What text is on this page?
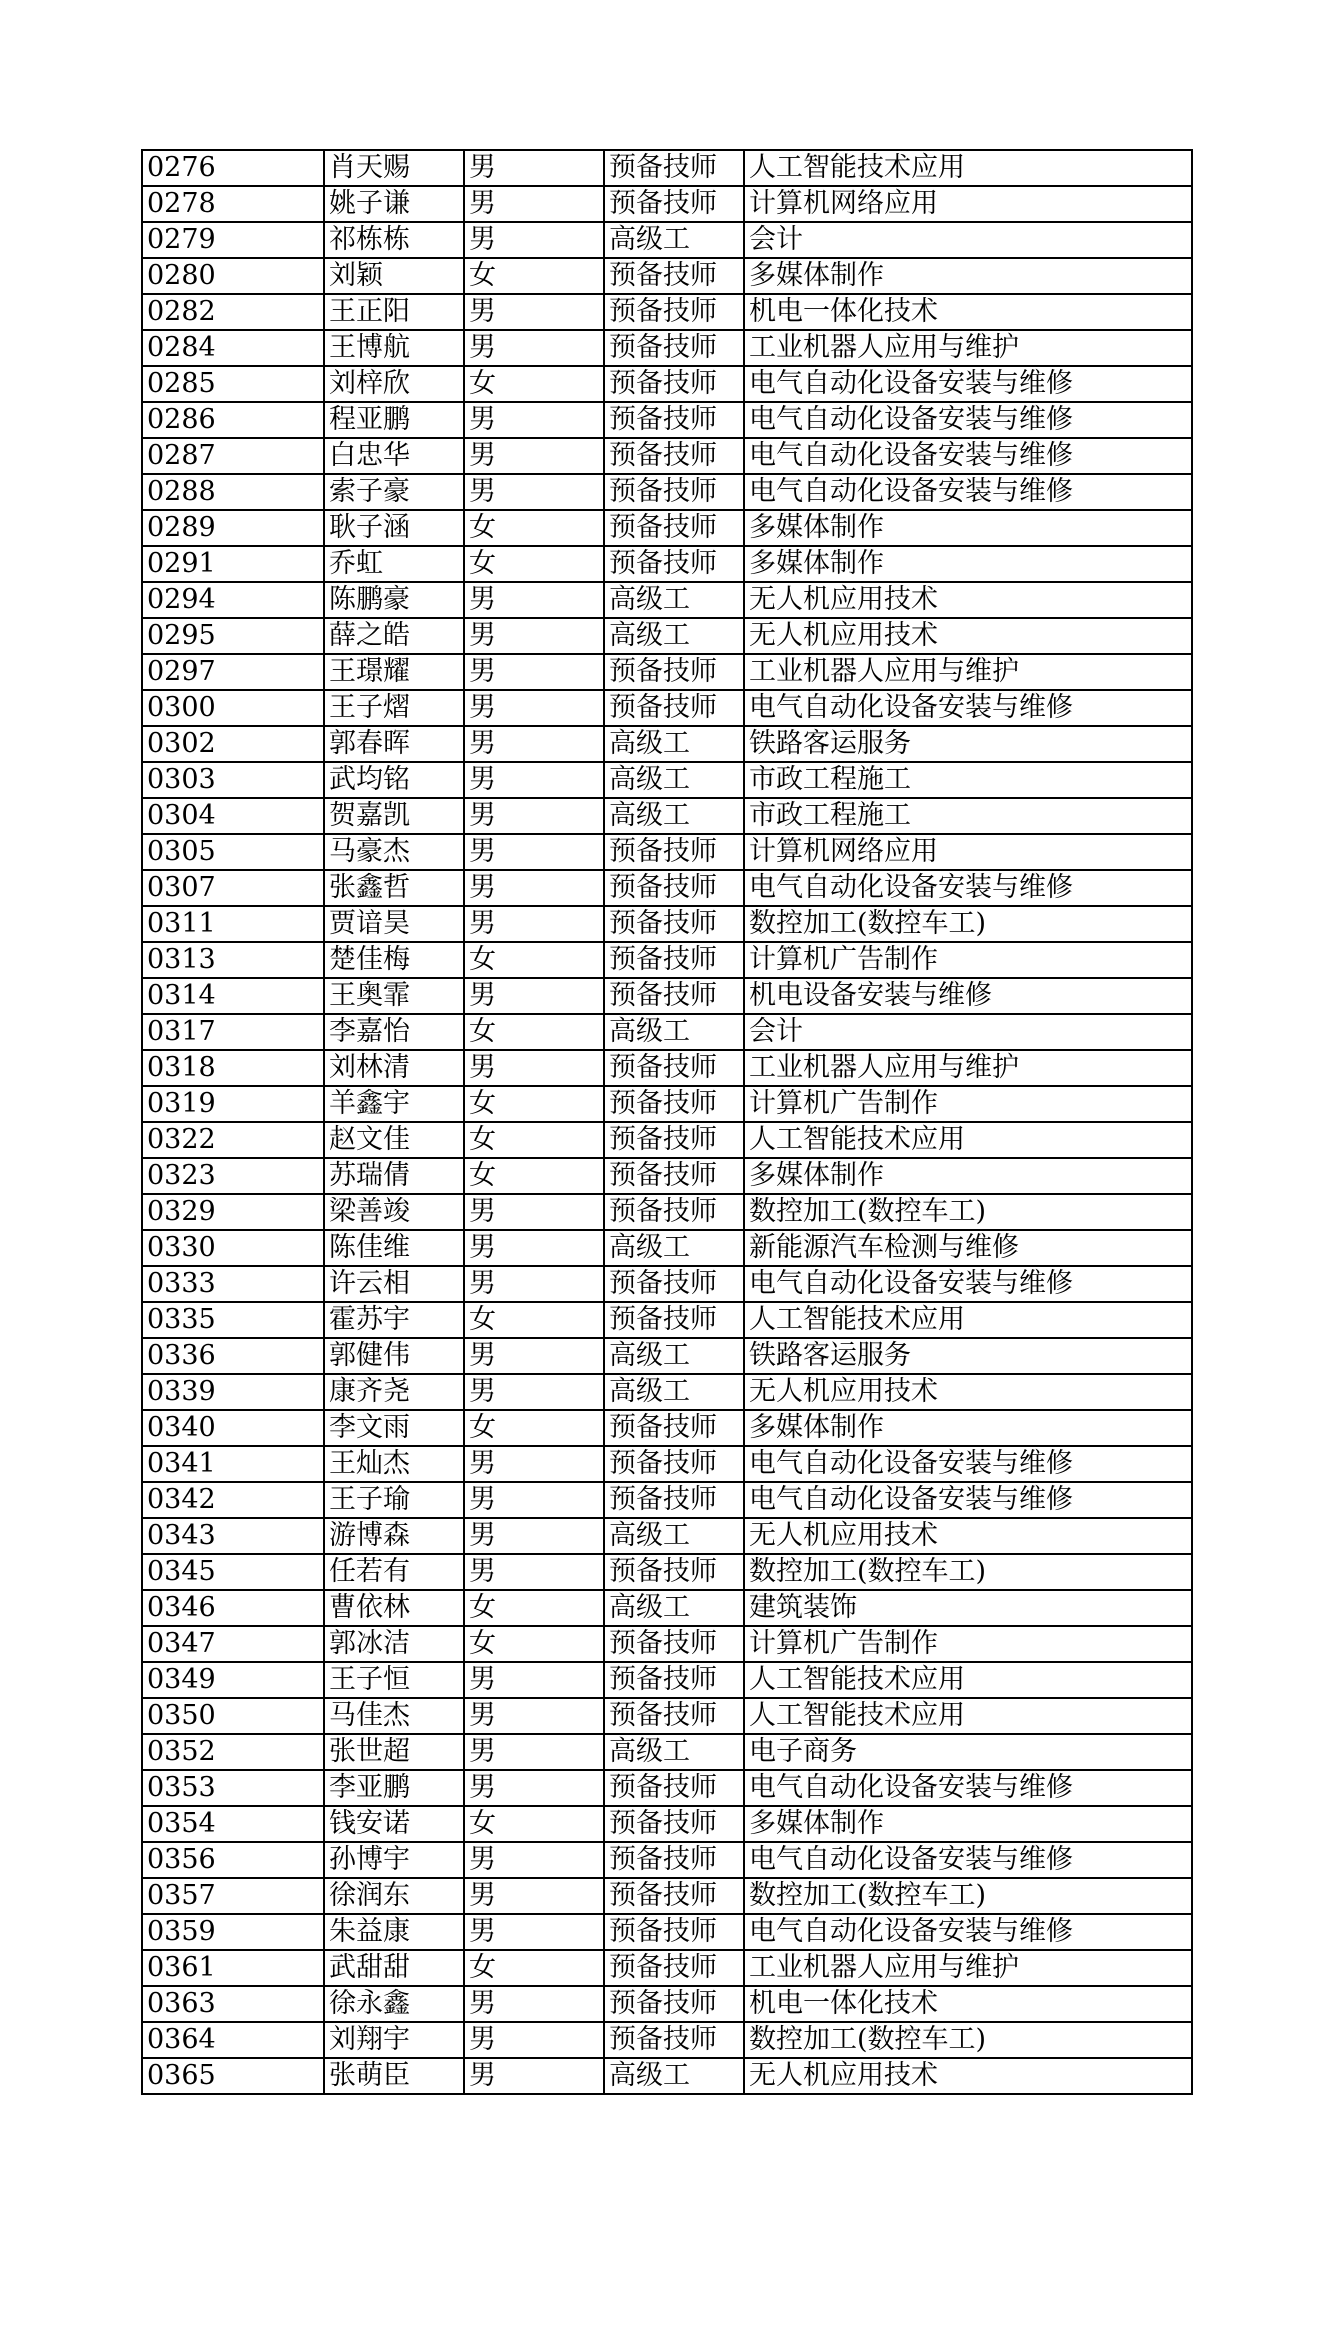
0276	肖天赐	男	预备技师	人工智能技术应用
0278	姚子谦	男	预备技师	计算机网络应用
0279	祁栋栋	男	高级工	会计
0280	刘颖	女	预备技师	多媒体制作
0282	王正阳	男	预备技师	机电一体化技术
0284	王博航	男	预备技师	工业机器人应用与维护
0285	刘梓欣	女	预备技师	电气自动化设备安装与维修
0286	程亚鹏	男	预备技师	电气自动化设备安装与维修
0287	白忠华	男	预备技师	电气自动化设备安装与维修
0288	索子豪	男	预备技师	电气自动化设备安装与维修
0289	耿子涵	女	预备技师	多媒体制作
0291	乔虹	女	预备技师	多媒体制作
0294	陈鹏豪	男	高级工	无人机应用技术
0295	薛之皓	男	高级工	无人机应用技术
0297	王璟耀	男	预备技师	工业机器人应用与维护
0300	王子熠	男	预备技师	电气自动化设备安装与维修
0302	郭春晖	男	高级工	铁路客运服务
0303	武均铭	男	高级工	市政工程施工
0304	贺嘉凯	男	高级工	市政工程施工
0305	马豪杰	男	预备技师	计算机网络应用
0307	张鑫哲	男	预备技师	电气自动化设备安装与维修
0311	贾谙昊	男	预备技师	数控加工(数控车工)
0313	楚佳梅	女	预备技师	计算机广告制作
0314	王奥霏	男	预备技师	机电设备安装与维修
0317	李嘉怡	女	高级工	会计
0318	刘林清	男	预备技师	工业机器人应用与维护
0319	羊鑫宇	女	预备技师	计算机广告制作
0322	赵文佳	女	预备技师	人工智能技术应用
0323	苏瑞倩	女	预备技师	多媒体制作
0329	梁善竣	男	预备技师	数控加工(数控车工)
0330	陈佳维	男	高级工	新能源汽车检测与维修
0333	许云相	男	预备技师	电气自动化设备安装与维修
0335	霍苏宇	女	预备技师	人工智能技术应用
0336	郭健伟	男	高级工	铁路客运服务
0339	康齐尧	男	高级工	无人机应用技术
0340	李文雨	女	预备技师	多媒体制作
0341	王灿杰	男	预备技师	电气自动化设备安装与维修
0342	王子瑜	男	预备技师	电气自动化设备安装与维修
0343	游博森	男	高级工	无人机应用技术
0345	任若有	男	预备技师	数控加工(数控车工)
0346	曹依林	女	高级工	建筑装饰
0347	郭冰洁	女	预备技师	计算机广告制作
0349	王子恒	男	预备技师	人工智能技术应用
0350	马佳杰	男	预备技师	人工智能技术应用
0352	张世超	男	高级工	电子商务
0353	李亚鹏	男	预备技师	电气自动化设备安装与维修
0354	钱安诺	女	预备技师	多媒体制作
0356	孙博宇	男	预备技师	电气自动化设备安装与维修
0357	徐润东	男	预备技师	数控加工(数控车工)
0359	朱益康	男	预备技师	电气自动化设备安装与维修
0361	武甜甜	女	预备技师	工业机器人应用与维护
0363	徐永鑫	男	预备技师	机电一体化技术
0364	刘翔宇	男	预备技师	数控加工(数控车工)
0365	张萌臣	男	高级工	无人机应用技术
